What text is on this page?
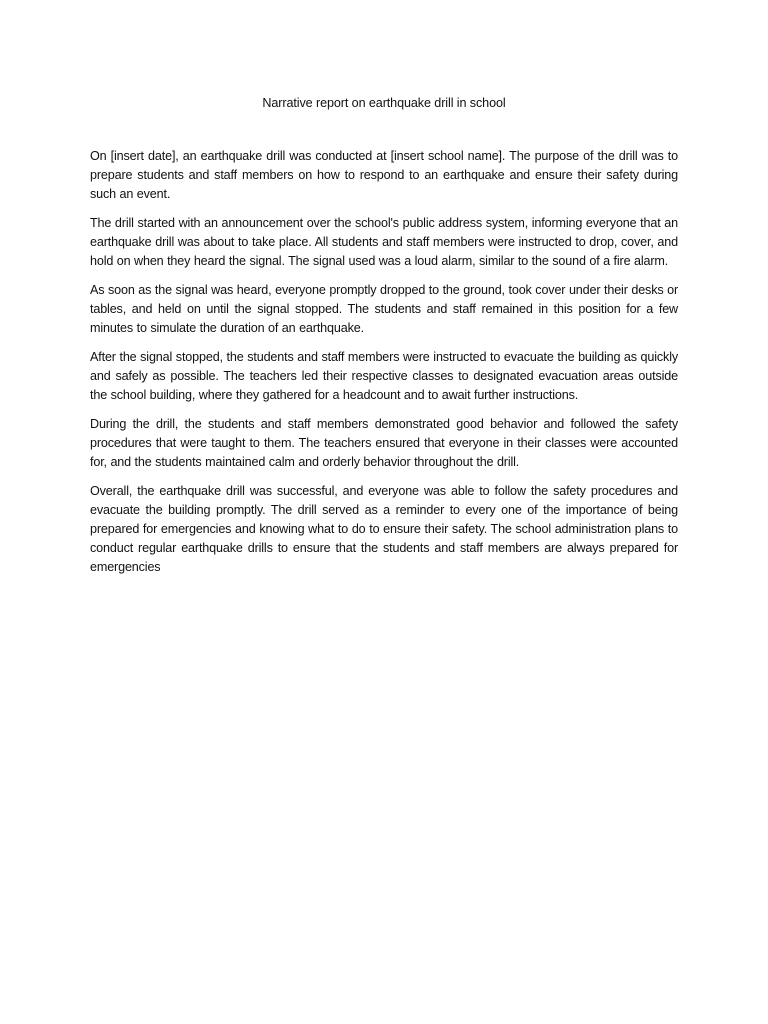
Narrative report on earthquake drill in school

On [insert date], an earthquake drill was conducted at [insert school name]. The purpose of the drill was to prepare students and staff members on how to respond to an earthquake and ensure their safety during such an event.

The drill started with an announcement over the school's public address system, informing everyone that an earthquake drill was about to take place. All students and staff members were instructed to drop, cover, and hold on when they heard the signal. The signal used was a loud alarm, similar to the sound of a fire alarm.

As soon as the signal was heard, everyone promptly dropped to the ground, took cover under their desks or tables, and held on until the signal stopped. The students and staff remained in this position for a few minutes to simulate the duration of an earthquake.

After the signal stopped, the students and staff members were instructed to evacuate the building as quickly and safely as possible. The teachers led their respective classes to designated evacuation areas outside the school building, where they gathered for a headcount and to await further instructions.

During the drill, the students and staff members demonstrated good behavior and followed the safety procedures that were taught to them. The teachers ensured that everyone in their classes were accounted for, and the students maintained calm and orderly behavior throughout the drill.

Overall, the earthquake drill was successful, and everyone was able to follow the safety procedures and evacuate the building promptly. The drill served as a reminder to every one of the importance of being prepared for emergencies and knowing what to do to ensure their safety. The school administration plans to conduct regular earthquake drills to ensure that the students and staff members are always prepared for emergencies
